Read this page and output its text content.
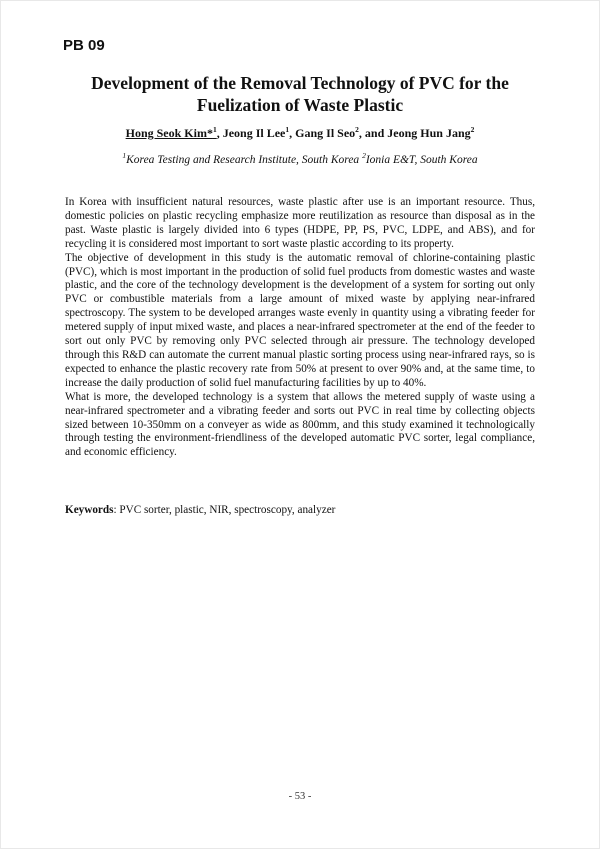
PB 09
Development of the Removal Technology of PVC for the
Fuelization of Waste Plastic
Hong Seok Kim*$^1$, Jeong Il Lee$^1$, Gang Il Seo$^2$, and Jeong Hun Jang$^2$
$^1$Korea Testing and Research Institute, South Korea $^2$Ionia E&T, South Korea

In Korea with insufficient natural resources, waste plastic after use is an important resource. Thus, domestic policies on plastic recycling emphasize more reutilization as resource than disposal as in the past. Waste plastic is largely divided into 6 types (HDPE, PP, PS, PVC, LDPE, and ABS), and for recycling it is considered most important to sort waste plastic according to its property.

The objective of development in this study is the automatic removal of chlorine-containing plastic (PVC), which is most important in the production of solid fuel products from domestic wastes and waste plastic, and the core of the technology development is the development of a system for sorting out only PVC or combustible materials from a large amount of mixed waste by applying near-infrared spectroscopy. The system to be developed arranges waste evenly in quantity using a vibrating feeder for metered supply of input mixed waste, and places a near-infrared spectrometer at the end of the feeder to sort out only PVC by removing only PVC selected through air pressure. The technology developed through this R&D can automate the current manual plastic sorting process using near-infrared rays, so is expected to enhance the plastic recovery rate from 50% at present to over 90% and, at the same time, to increase the daily production of solid fuel manufacturing facilities by up to 40%.

What is more, the developed technology is a system that allows the metered supply of waste using a near-infrared spectrometer and a vibrating feeder and sorts out PVC in real time by collecting objects sized between 10-350mm on a conveyer as wide as 800mm, and this study examined it technologically through testing the environment-friendliness of the developed automatic PVC sorter, legal compliance, and economic efficiency.

Keywords: PVC sorter, plastic, NIR, spectroscopy, analyzer
- 53 -
